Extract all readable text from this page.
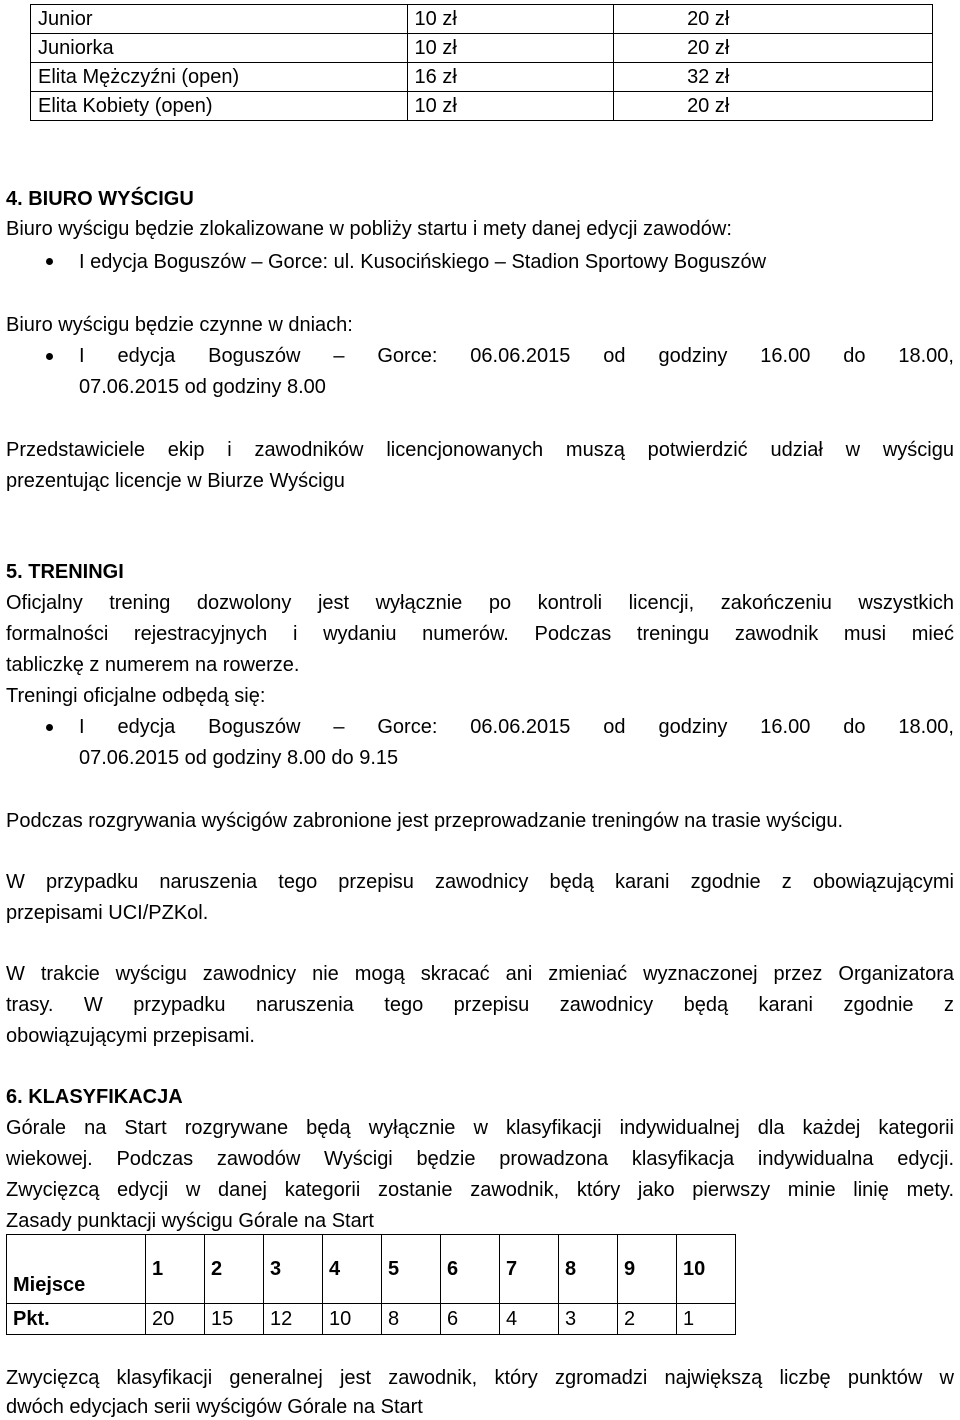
Junior	10 zł	20 zł
Juniorka	10 zł	20 zł
Elita Mężczyźni (open)	16 zł	32 zł
Elita Kobiety (open)	10 zł	20 zł
4. BIURO WYŚCIGU
Biuro wyścigu będzie zlokalizowane w pobliży startu i mety danej edycji zawodów:
I edycja Boguszów – Gorce: ul. Kusocińskiego – Stadion Sportowy Boguszów
Biuro wyścigu będzie czynne w dniach:
I edycja Boguszów – Gorce: 06.06.2015 od godziny 16.00 do 18.00,
07.06.2015 od godziny 8.00
Przedstawiciele ekip i zawodników licencjonowanych muszą potwierdzić udział w wyścigu
prezentując licencje w Biurze Wyścigu
5. TRENINGI
Oficjalny trening dozwolony jest wyłącznie po kontroli licencji, zakończeniu wszystkich
formalności rejestracyjnych i wydaniu numerów. Podczas treningu zawodnik musi mieć
tabliczkę z numerem na rowerze.
Treningi oficjalne odbędą się:
I edycja Boguszów – Gorce: 06.06.2015 od godziny 16.00 do 18.00,
07.06.2015 od godziny 8.00 do 9.15
Podczas rozgrywania wyścigów zabronione jest przeprowadzanie treningów na trasie wyścigu.
W przypadku naruszenia tego przepisu zawodnicy będą karani zgodnie z obowiązującymi
przepisami UCI/PZKol.
W trakcie wyścigu zawodnicy nie mogą skracać ani zmieniać wyznaczonej przez Organizatora
trasy. W przypadku naruszenia tego przepisu zawodnicy będą karani zgodnie z
obowiązującymi przepisami.
6. KLASYFIKACJA
Górale na Start rozgrywane będą wyłącznie w klasyfikacji indywidualnej dla każdej kategorii
wiekowej. Podczas zawodów Wyścigi będzie prowadzona klasyfikacja indywidualna edycji.
Zwycięzcą edycji w danej kategorii zostanie zawodnik, który jako pierwszy minie linię mety.
Zasady punktacji wyścigu Górale na Start
Miejsce	1	2	3	4	5	6	7	8	9	10
Pkt.	20	15	12	10	8	6	4	3	2	1
Zwycięzcą klasyfikacji generalnej jest zawodnik, który zgromadzi największą liczbę punktów w
dwóch edycjach serii wyścigów Górale na Start
